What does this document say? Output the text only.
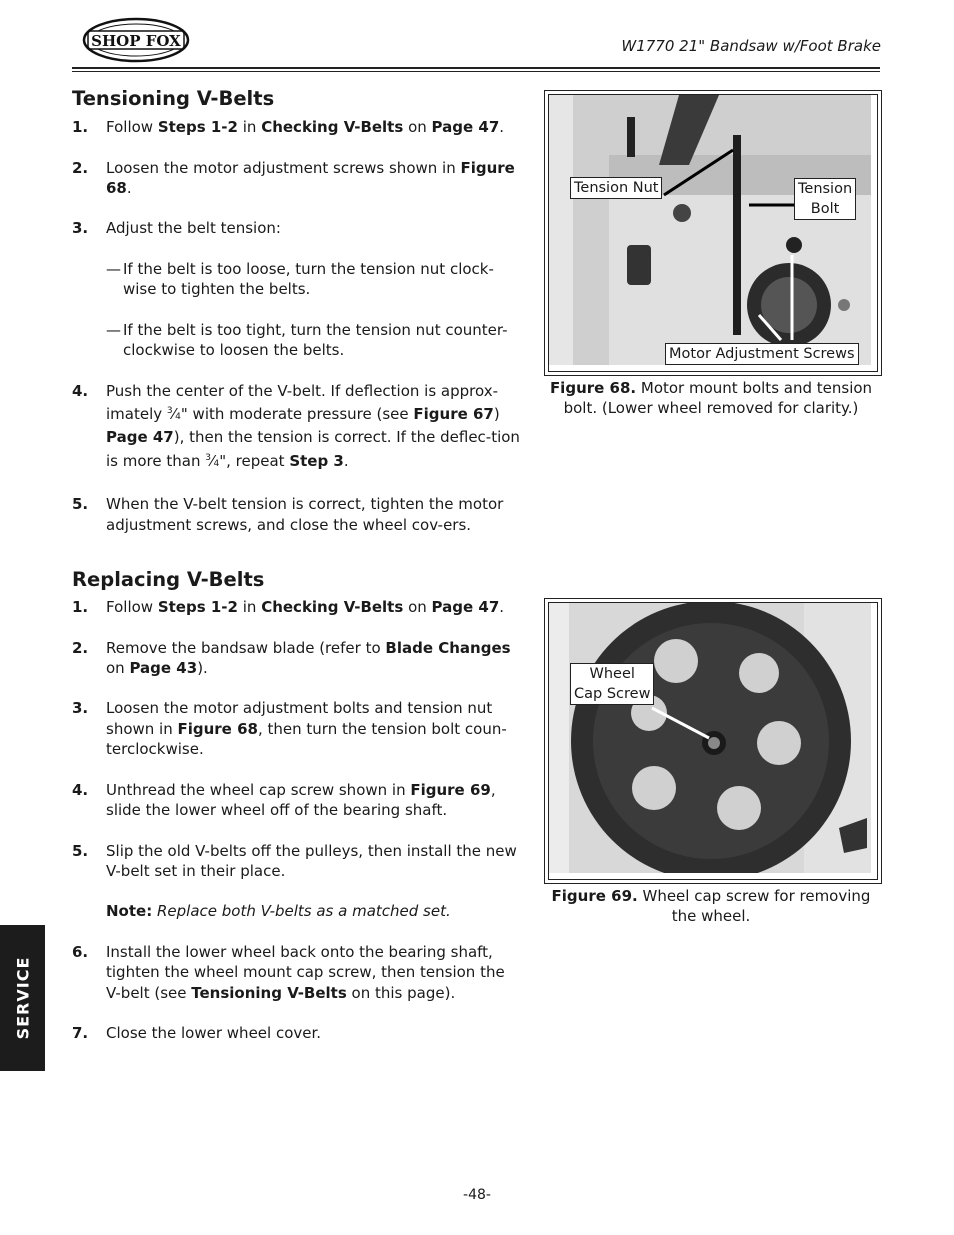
SHOP FOX	W1770 21" Bandsaw w/Foot Brake
Tensioning V-Belts
1. Follow Steps 1-2 in Checking V-Belts on Page 47.
2. Loosen the motor adjustment screws shown in Figure 68.
3. Adjust the belt tension:
— If the belt is too loose, turn the tension nut clock-wise to tighten the belts.
— If the belt is too tight, turn the tension nut counter-clockwise to loosen the belts.
4. Push the center of the V-belt. If deflection is approx-imately $^3$⁄4" with moderate pressure (see Figure 67) Page 47), then the tension is correct. If the deflec-tion is more than $^3$⁄4", repeat Step 3.
5. When the V-belt tension is correct, tighten the motor adjustment screws, and close the wheel cov-ers.
Tension Nut	Tension
Bolt
Motor Adjustment Screws
Figure 68. Motor mount bolts and tension bolt. (Lower wheel removed for clarity.)
Replacing V-Belts
1. Follow Steps 1-2 in Checking V-Belts on Page 47.
2. Remove the bandsaw blade (refer to Blade Changes on Page 43).
3. Loosen the motor adjustment bolts and tension nut shown in Figure 68, then turn the tension bolt coun-terclockwise.
4. Unthread the wheel cap screw shown in Figure 69, slide the lower wheel off of the bearing shaft.
5. Slip the old V-belts off the pulleys, then install the new V-belt set in their place.
Note: Replace both V-belts as a matched set.
6. Install the lower wheel back onto the bearing shaft, tighten the wheel mount cap screw, then tension the V-belt (see Tensioning V-Belts on this page).
7. Close the lower wheel cover.
Wheel
Cap Screw
Figure 69. Wheel cap screw for removing the wheel.
SERVICE
-48-
